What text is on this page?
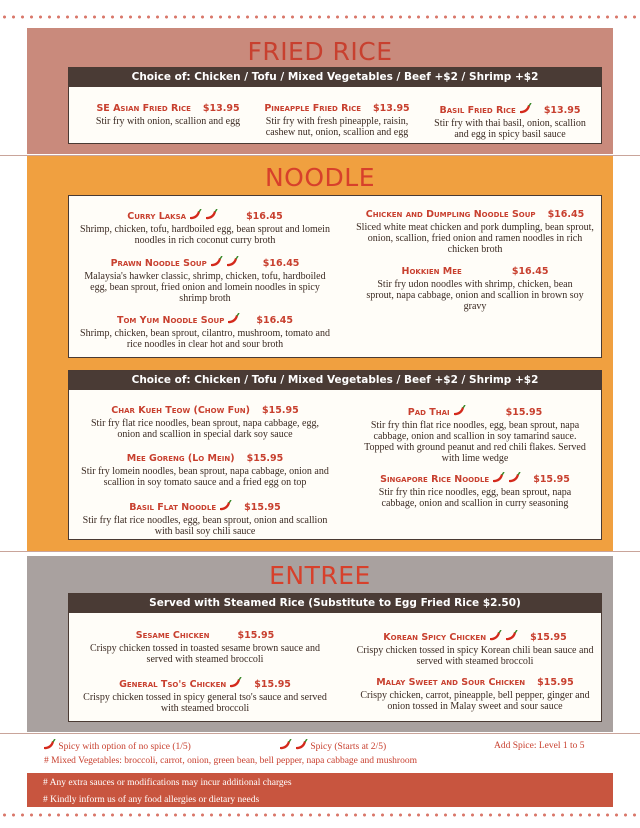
FRIED RICE
Choice of: Chicken / Tofu / Mixed Vegetables / Beef +$2 / Shrimp +$2
SE Asian Fried Rice $13.95
Stir fry with onion, scallion and egg
Pineapple Fried Rice $13.95
Stir fry with fresh pineapple, raisin, cashew nut, onion, scallion and egg
Basil Fried Rice	$13.95
Stir fry with thai basil, onion, scallion and egg in spicy basil sauce
NOODLE
Curry Laksa	$16.45
Shrimp, chicken, tofu, hardboiled egg, bean sprout and lomein noodles in rich coconut curry broth
Prawn Noodle Soup	$16.45
Malaysia's hawker classic, shrimp, chicken, tofu, hardboiled egg, bean sprout, fried onion and lomein noodles in spicy shrimp broth
Tom Yum Noodle Soup	$16.45
Shrimp, chicken, bean sprout, cilantro, mushroom, tomato and rice noodles in clear hot and sour broth
Chicken and Dumpling Noodle Soup $16.45
Sliced white meat chicken and pork dumpling, bean sprout, onion, scallion, fried onion and ramen noodles in rich chicken broth
Hokkien Mee	$16.45
Stir fry udon noodles with shrimp, chicken, bean sprout, napa cabbage, onion and scallion in brown soy gravy
Choice of: Chicken / Tofu / Mixed Vegetables / Beef +$2 / Shrimp +$2
Char Kueh Teow (Chow Fun) $15.95
Stir fry flat rice noodles, bean sprout, napa cabbage, egg, onion and scallion in special dark soy sauce
Mee Goreng (Lo Mein) $15.95
Stir fry lomein noodles, bean sprout, napa cabbage, onion and scallion in soy tomato sauce and a fried egg on top
Basil Flat Noodle	$15.95
Stir fry flat rice noodles, egg, bean sprout, onion and scallion with basil soy chili sauce
Pad Thai	$15.95
Stir fry thin flat rice noodles, egg, bean sprout, napa cabbage, onion and scallion in soy tamarind sauce. Topped with ground peanut and red chili flakes. Served with lime wedge
Singapore Rice Noodle	$15.95
Stir fry thin rice noodles, egg, bean sprout, napa cabbage, onion and scallion in curry seasoning
ENTREE
Served with Steamed Rice (Substitute to Egg Fried Rice $2.50)
Sesame Chicken	$15.95
Crispy chicken tossed in toasted sesame brown sauce and served with steamed broccoli
General Tso's Chicken	$15.95
Crispy chicken tossed in spicy general tso's sauce and served with steamed broccoli
Korean Spicy Chicken	$15.95
Crispy chicken tossed in spicy Korean chili bean sauce and served with steamed broccoli
Malay Sweet and Sour Chicken $15.95
Crispy chicken, carrot, pineapple, bell pepper, ginger and onion tossed in Malay sweet and sour sauce
Spicy with option of no spice (1/5)	Spicy (Starts at 2/5)	Add Spice: Level 1 to 5
# Mixed Vegetables: broccoli, carrot, onion, green bean, bell pepper, napa cabbage and mushroom
# Any extra sauces or modifications may incur additional charges
# Kindly inform us of any food allergies or dietary needs
